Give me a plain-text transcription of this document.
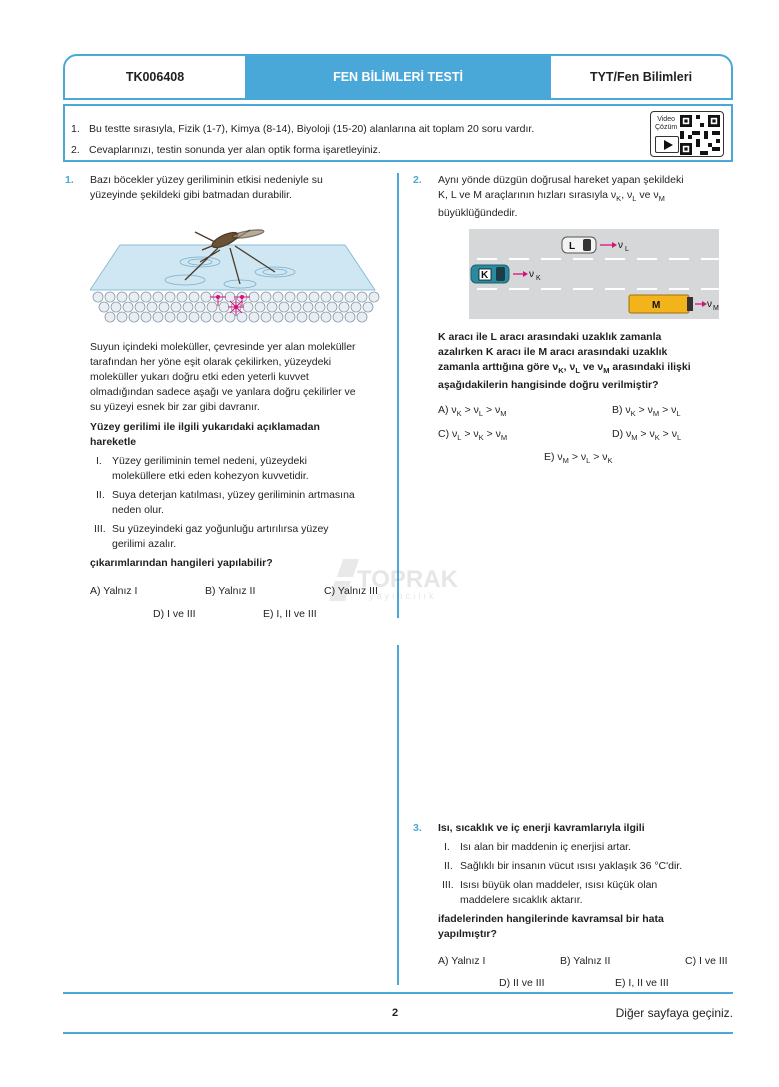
TK006408	FEN BİLİMLERİ TESTİ	TYT/Fen Bilimleri
1. Bu testte sırasıyla, Fizik (1-7), Kimya (8-14), Biyoloji (15-20) alanlarına ait toplam 20 soru vardır.
2. Cevaplarınızı, testin sonunda yer alan optik forma işaretleyiniz.
Video
Çözüm
TOPRAK
yayıncılık
1. Bazı böcekler yüzey geriliminin etkisi nedeniyle su
yüzeyinde şekildeki gibi batmadan durabilir.
Suyun içindeki moleküller, çevresinde yer alan moleküller
tarafından her yöne eşit olarak çekilirken, yüzeydeki
moleküller yukarı doğru etki eden yeterli kuvvet
olmadığından sadece aşağı ve yanlara doğru çekilirler ve
su yüzeyi esnek bir zar gibi davranır.
Yüzey gerilimi ile ilgili yukarıdaki açıklamadan
hareketle
I. Yüzey geriliminin temel nedeni, yüzeydeki
moleküllere etki eden kohezyon kuvvetidir.
II. Suya deterjan katılması, yüzey geriliminin artmasına
neden olur.
III. Su yüzeyindeki gaz yoğunluğu artırılırsa yüzey
gerilimi azalır.
çıkarımlarından hangileri yapılabilir?
A) Yalnız I	B) Yalnız II	C) Yalnız III
D) I ve III	E) I, II ve III
2. Aynı yönde düzgün doğrusal hareket yapan şekildeki
K, L ve M araçlarının hızları sırasıyla $\nu_K$, $\nu_L$ ve $\nu_M$
büyüklüğündedir.
L	ν L
K	ν K
M	ν M
K aracı ile L aracı arasındaki uzaklık zamanla
azalırken K aracı ile M aracı arasındaki uzaklık
zamanla arttığına göre $\nu_K$, $\nu_L$ ve $\nu_M$ arasındaki ilişki
aşağıdakilerin hangisinde doğru verilmiştir?
A) $\nu_K > \nu_L > \nu_M$	B) $\nu_K > \nu_M > \nu_L$
C) $\nu_L > \nu_K > \nu_M$	D) $\nu_M > \nu_K > \nu_L$
E) $\nu_M > \nu_L > \nu_K$
3. Isı, sıcaklık ve iç enerji kavramlarıyla ilgili
I. Isı alan bir maddenin iç enerjisi artar.
II. Sağlıklı bir insanın vücut ısısı yaklaşık 36 °C'dir.
III. Isısı büyük olan maddeler, ısısı küçük olan
maddelere sıcaklık aktarır.
ifadelerinden hangilerinde kavramsal bir hata
yapılmıştır?
A) Yalnız I	B) Yalnız II	C) I ve III
D) II ve III	E) I, II ve III
2	Diğer sayfaya geçiniz.
